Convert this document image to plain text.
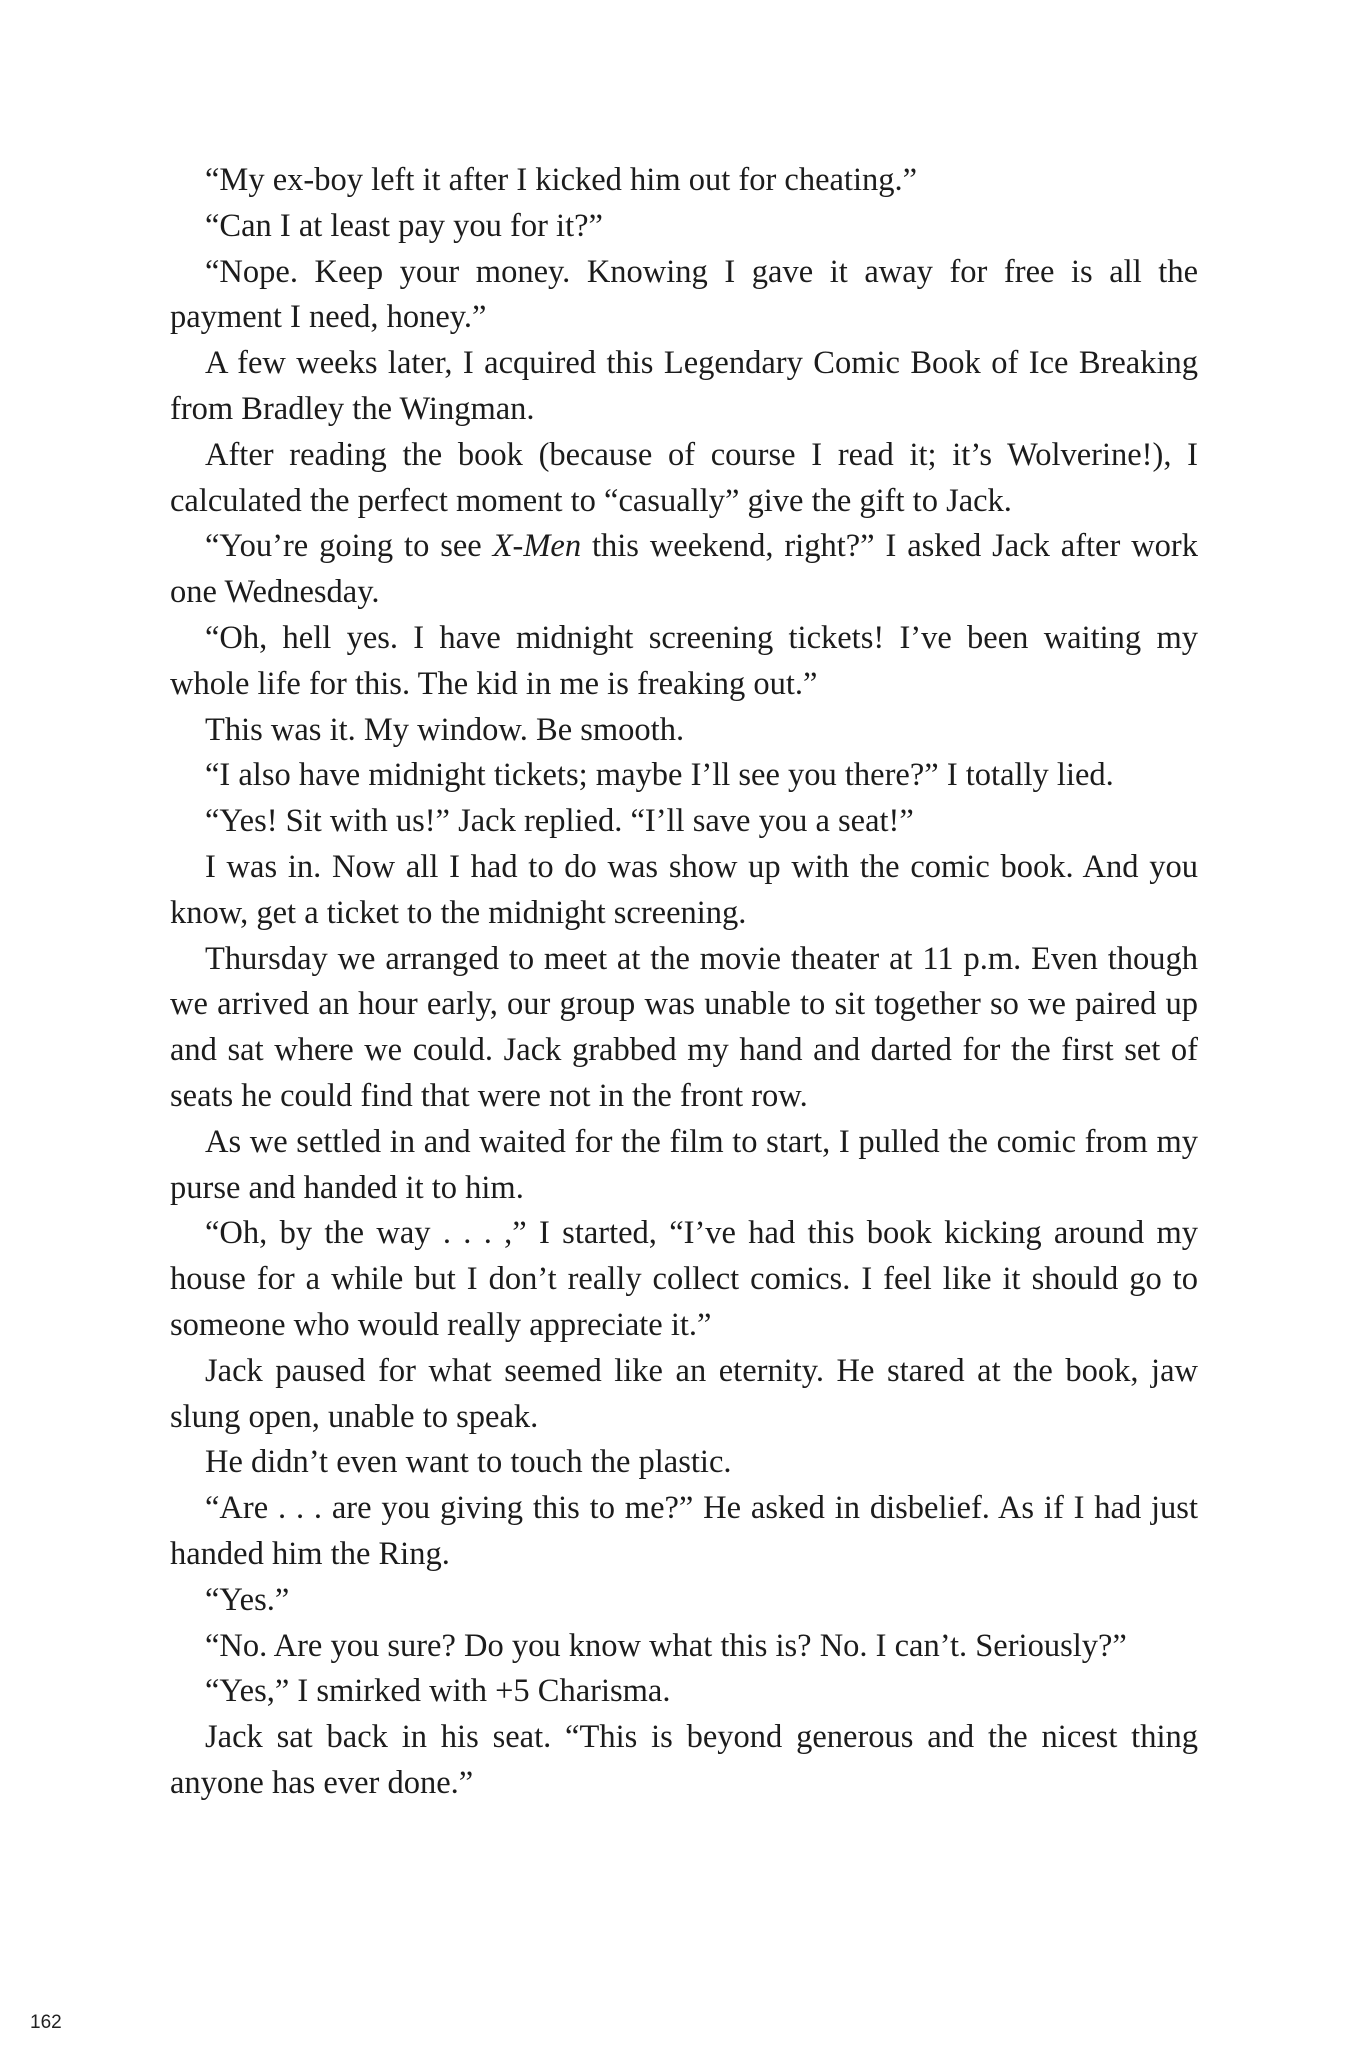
“My ex-boy left it after I kicked him out for cheating.”

“Can I at least pay you for it?”

“Nope. Keep your money. Knowing I gave it away for free is all the payment I need, honey.”

A few weeks later, I acquired this Legendary Comic Book of Ice Breaking from Bradley the Wingman.

After reading the book (because of course I read it; it’s Wolverine!), I calculated the perfect moment to “casually” give the gift to Jack.

“You’re going to see X-Men this weekend, right?” I asked Jack after work one Wednesday.

“Oh, hell yes. I have midnight screening tickets! I’ve been waiting my whole life for this. The kid in me is freaking out.”

This was it. My window. Be smooth.

“I also have midnight tickets; maybe I’ll see you there?” I totally lied.

“Yes! Sit with us!” Jack replied. “I’ll save you a seat!”

I was in. Now all I had to do was show up with the comic book. And you know, get a ticket to the midnight screening.

Thursday we arranged to meet at the movie theater at 11 p.m. Even though we arrived an hour early, our group was unable to sit together so we paired up and sat where we could. Jack grabbed my hand and darted for the first set of seats he could find that were not in the front row.

As we settled in and waited for the film to start, I pulled the comic from my purse and handed it to him.

“Oh, by the way . . . ,” I started, “I’ve had this book kicking around my house for a while but I don’t really collect comics. I feel like it should go to someone who would really appreciate it.”

Jack paused for what seemed like an eternity. He stared at the book, jaw slung open, unable to speak.

He didn’t even want to touch the plastic.

“Are . . . are you giving this to me?” He asked in disbelief. As if I had just handed him the Ring.

“Yes.”

“No. Are you sure? Do you know what this is? No. I can’t. Seriously?”

“Yes,” I smirked with +5 Charisma.

Jack sat back in his seat. “This is beyond generous and the nicest thing anyone has ever done.”

162
